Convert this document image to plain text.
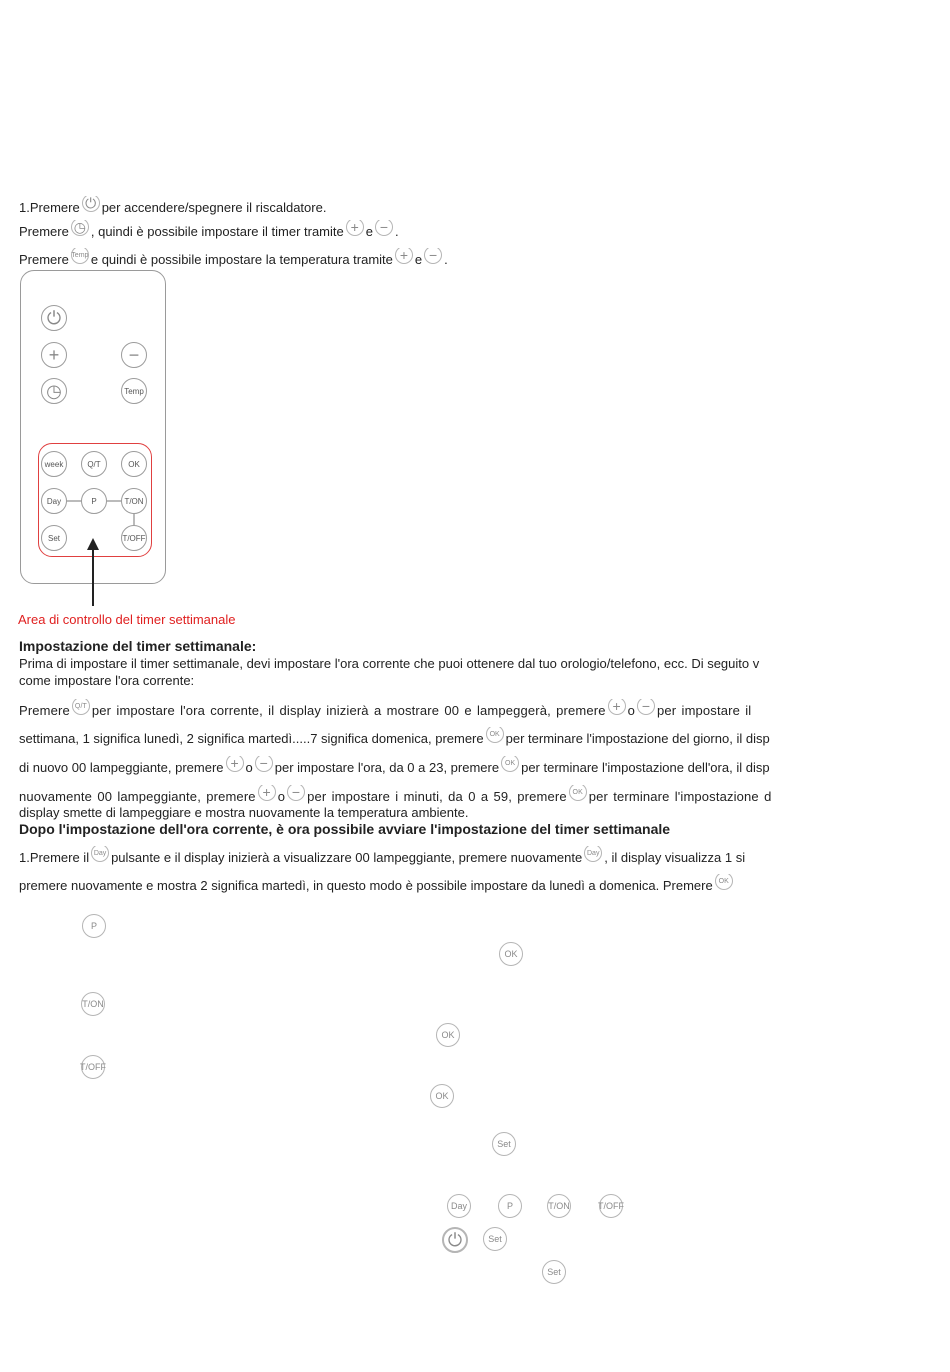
1.Premere ⏻ per accendere/spegnere il riscaldatore.
Premere ◷ , quindi è possibile impostare il timer tramite + e − .
Premere Temp e quindi è possibile impostare la temperatura tramite + e − .
⏻
+	−
◷	Temp
week	Q/T	OK
Day	P	T/ON
Set	T/OFF
Area di controllo del timer settimanale
Impostazione del timer settimanale:
Prima di impostare il timer settimanale, devi impostare l'ora corrente che puoi ottenere dal tuo orologio/telefono, ecc. Di seguito v
come impostare l'ora corrente:
Premere Q/T per impostare l'ora corrente, il display inizierà a mostrare 00 e lampeggerà, premere + o − per impostare il
settimana, 1 significa lunedì, 2 significa martedì.....7 significa domenica, premere OK per terminare l'impostazione del giorno, il disp
di nuovo 00 lampeggiante, premere + o − per impostare l'ora, da 0 a 23, premere OK per terminare l'impostazione dell'ora, il disp
nuovamente 00 lampeggiante, premere + o − per impostare i minuti, da 0 a 59, premere OK per terminare l'impostazione d
display smette di lampeggiare e mostra nuovamente la temperatura ambiente.
Dopo l'impostazione dell'ora corrente, è ora possibile avviare l'impostazione del timer settimanale
1.Premere il Day pulsante e il display inizierà a visualizzare 00 lampeggiante, premere nuovamente Day , il display visualizza 1 si
premere nuovamente e mostra 2 significa martedì, in questo modo è possibile impostare da lunedì a domenica. Premere OK
P
OK
T/ON
OK
T/OFF
OK
Set
Day	P	T/ON	T/OFF
⏻	Set
Set
